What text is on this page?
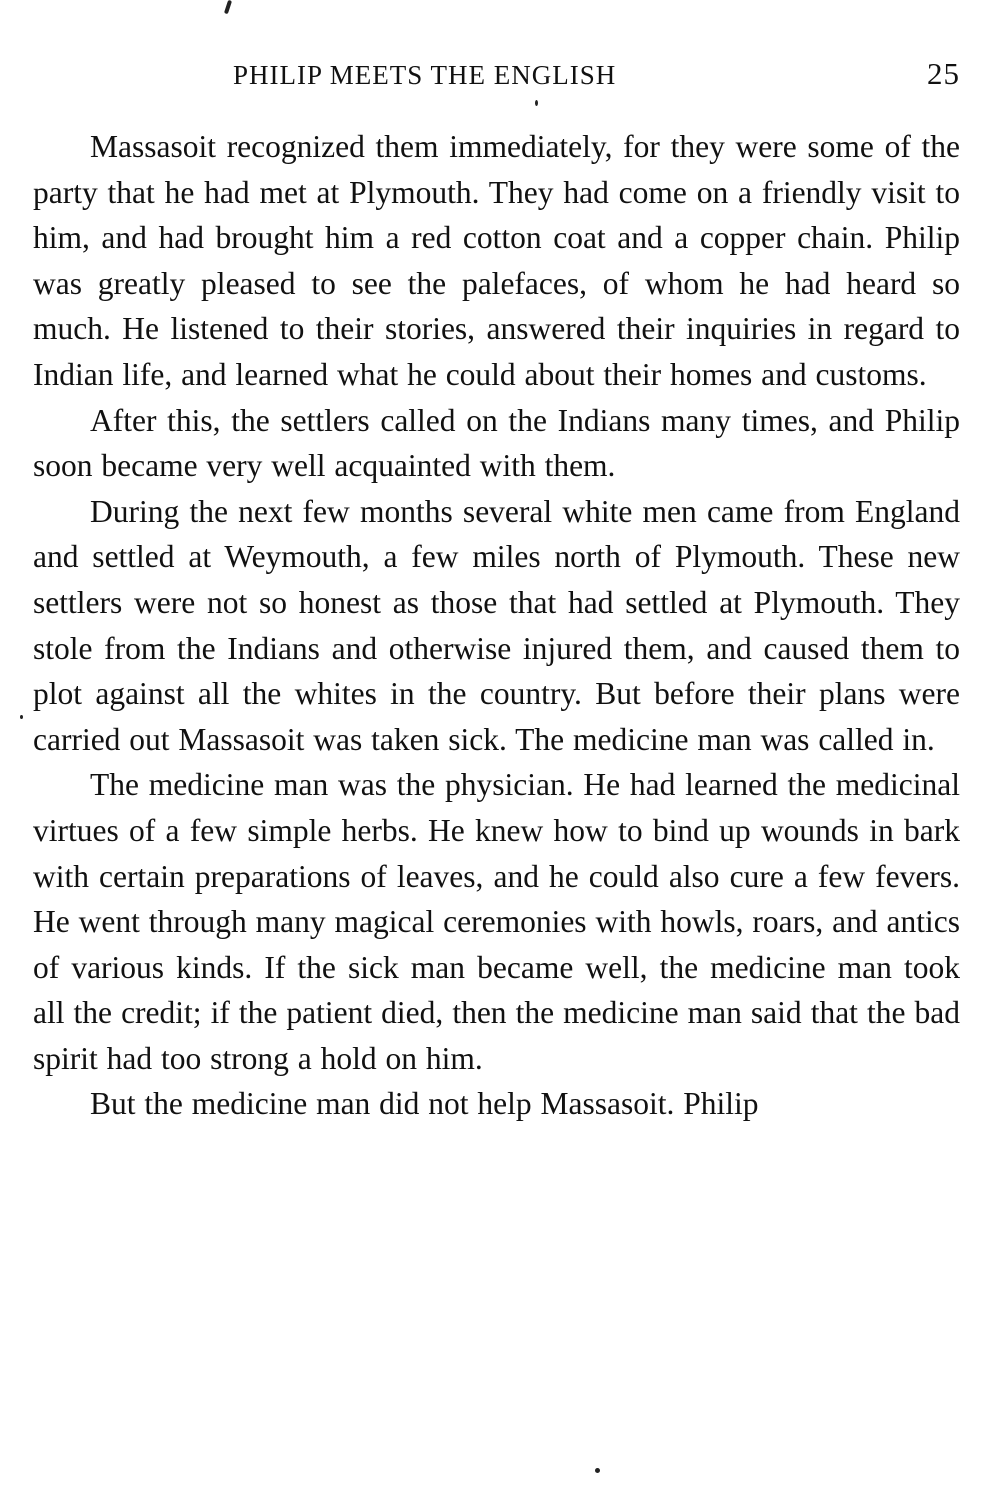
PHILIP MEETS THE ENGLISH	25

Massasoit recognized them immediately, for they were some of the party that he had met at Plymouth. They had come on a friendly visit to him, and had brought him a red cotton coat and a copper chain. Philip was greatly pleased to see the palefaces, of whom he had heard so much. He listened to their stories, answered their inquiries in regard to Indian life, and learned what he could about their homes and customs.

After this, the settlers called on the Indians many times, and Philip soon became very well acquainted with them.

During the next few months several white men came from England and settled at Weymouth, a few miles north of Plymouth. These new settlers were not so honest as those that had settled at Plymouth. They stole from the Indians and otherwise injured them, and caused them to plot against all the whites in the country. But before their plans were carried out Massasoit was taken sick. The medicine man was called in.

The medicine man was the physician. He had learned the medicinal virtues of a few simple herbs. He knew how to bind up wounds in bark with certain preparations of leaves, and he could also cure a few fevers. He went through many magical ceremonies with howls, roars, and antics of various kinds. If the sick man became well, the medicine man took all the credit; if the patient died, then the medicine man said that the bad spirit had too strong a hold on him.

But the medicine man did not help Massasoit. Philip
